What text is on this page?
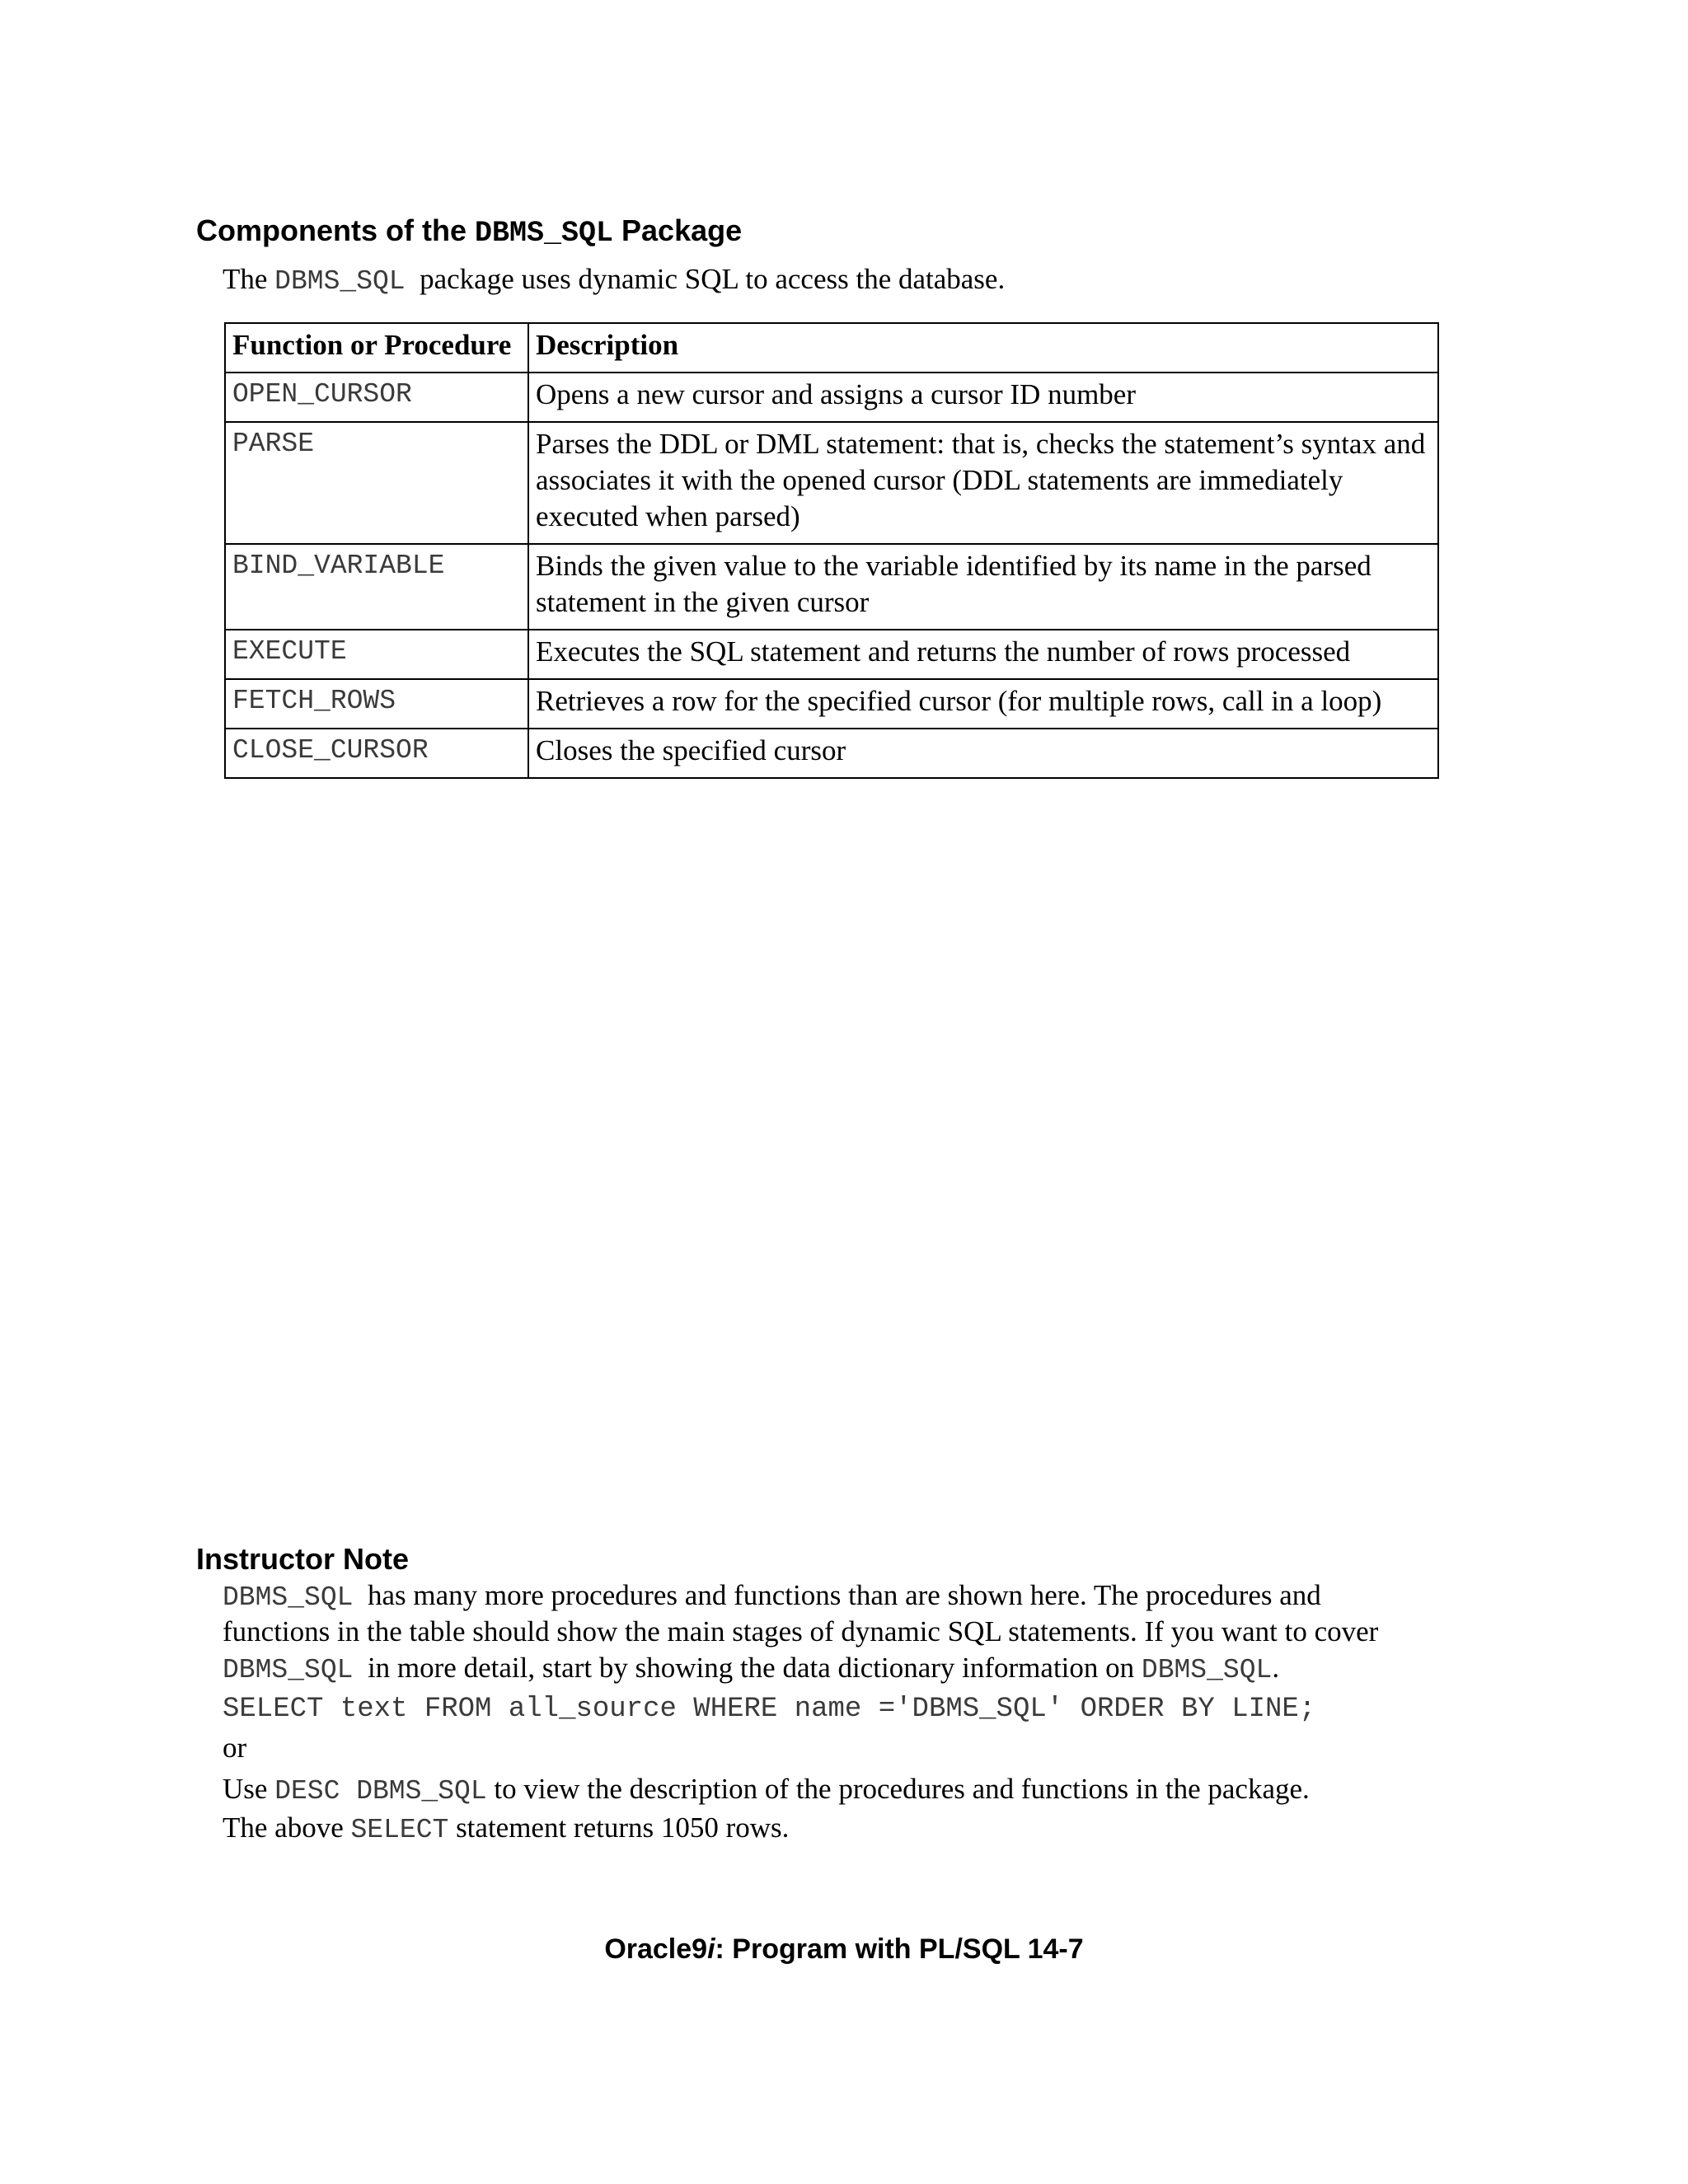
Components of the DBMS_SQL Package
The DBMS_SQL  package uses dynamic SQL to access the database.
Function or Procedure	Description
OPEN_CURSOR	Opens a new cursor and assigns a cursor ID number
PARSE	Parses the DDL or DML statement: that is, checks the statement’s syntax and associates it with the opened cursor (DDL statements are immediately executed when parsed)
BIND_VARIABLE	Binds the given value to the variable identified by its name in the parsed statement in the given cursor
EXECUTE	Executes the SQL statement and returns the number of rows processed
FETCH_ROWS	Retrieves a row for the specified cursor (for multiple rows, call in a loop)
CLOSE_CURSOR	Closes the specified cursor
Instructor Note
DBMS_SQL  has many more procedures and functions than are shown here. The procedures and
functions in the table should show the main stages of dynamic SQL statements. If you want to cover
DBMS_SQL  in more detail, start by showing the data dictionary information on DBMS_SQL.
SELECT text FROM all_source WHERE name ='DBMS_SQL' ORDER BY LINE;
or
Use DESC DBMS_SQL to view the description of the procedures and functions in the package.
The above SELECT statement returns 1050 rows.
Oracle9i: Program with PL/SQL 14-7
